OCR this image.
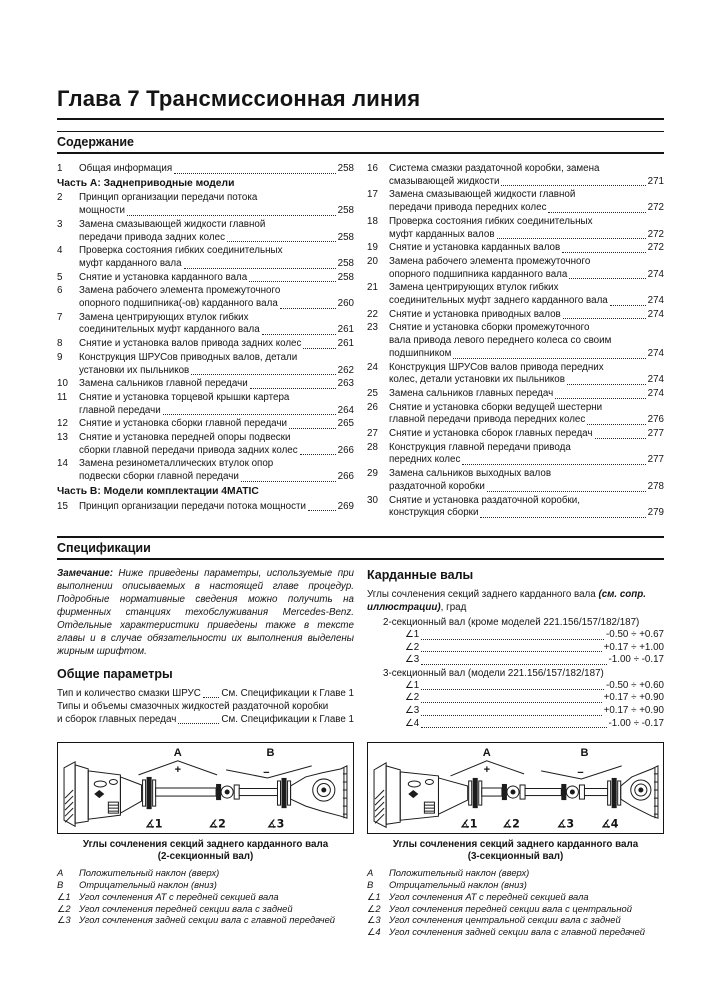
Глава 7 Трансмиссионная линия
Содержание
1	Общая информация	258
Часть А: Заднеприводные модели
2	Принцип организации передачи потока
мощности	258
3	Замена смазывающей жидкости главной
передачи привода задних колес	258
4	Проверка состояния гибких соединительных
муфт карданного вала	258
5	Снятие и установка карданного вала	258
6	Замена рабочего элемента промежуточного
опорного подшипника(-ов) карданного вала	260
7	Замена центрирующих втулок гибких
соединительных муфт карданного вала	261
8	Снятие и установка валов привода задних колес	261
9	Конструкция ШРУСов приводных валов, детали
установки их пыльников	262
10	Замена сальников главной передачи	263
11	Снятие и установка торцевой крышки картера
главной передачи	264
12	Снятие и установка сборки главной передачи	265
13	Снятие и установка передней опоры подвески
сборки главной передачи привода задних колес	266
14	Замена резинометаллических втулок опор
подвески сборки главной передачи	266
Часть В: Модели комплектации 4MATIC
15	Принцип организации передачи потока мощности	269
16	Система смазки раздаточной коробки, замена
смазывающей жидкости	271
17	Замена смазывающей жидкости главной
передачи привода передних колес	272
18	Проверка состояния гибких соединительных
муфт карданных валов	272
19	Снятие и установка карданных валов	272
20	Замена рабочего элемента промежуточного
опорного подшипника карданного вала	274
21	Замена центрирующих втулок гибких
соединительных муфт заднего карданного вала	274
22	Снятие и установка приводных валов	274
23	Снятие и установка сборки промежуточного
вала привода левого переднего колеса со своим
подшипником	274
24	Конструкция ШРУСов валов привода передних
колес, детали установки их пыльников	274
25	Замена сальников главных передач	274
26	Снятие и установка сборки ведущей шестерни
главной передачи привода передних колес	276
27	Снятие и установка сборок главных передач	277
28	Конструкция главной передачи привода
передних колес	277
29	Замена сальников выходных валов
раздаточной коробки	278
30	Снятие и установка раздаточной коробки,
конструкция сборки	279
Спецификации
Замечание: Ниже приведены параметры, используемые при выполнении описываемых в настоящей главе процедур. Подробные нормативные сведения можно получить на фирменных станциях техобслуживания Mercedes-Benz. Отдельные характеристики приведены также в тексте главы и в случае обязательности их выполнения выделены жирным шрифтом.
Общие параметры
Тип и количество смазки ШРУС См. Спецификации к Главе 1
Типы и объемы смазочных жидкостей раздаточной коробки
и сборок главных передач	См. Спецификации к Главе 1
Карданные валы
Углы сочленения секций заднего карданного вала (см. сопр. иллюстрации), град
2-секционный вал (кроме моделей 221.156/157/182/187)
∠1	-0.50 ÷ +0.67
∠2	+0.17 ÷ +1.00
∠3	-1.00 ÷ -0.17
3-секционный вал (модели 221.156/157/182/187)
∠1	-0.50 ÷ +0.60
∠2	+0.17 ÷ +0.90
∠3	+0.17 ÷ +0.90
∠4	-1.00 ÷ -0.17
A
+
B
−
∡1	∡2	∡3
Углы сочленения секций заднего карданного вала
(2-секционный вал)
A	Положительный наклон (вверх)
B	Отрицательный наклон (вниз)
∠1 Угол сочленения АТ с передней секцией вала
∠2 Угол сочленения передней секции вала с задней
∠3 Угол сочленения задней секции вала с главной передачей
A
+
B
−
∡1 ∡2	∡3 ∡4
Углы сочленения секций заднего карданного вала
(3-секционный вал)
A	Положительный наклон (вверх)
B	Отрицательный наклон (вниз)
∠1 Угол сочленения АТ с передней секцией вала
∠2 Угол сочленения передней секции вала с центральной
∠3 Угол сочленения центральной секции вала с задней
∠4 Угол сочленения задней секции вала с главной передачей
